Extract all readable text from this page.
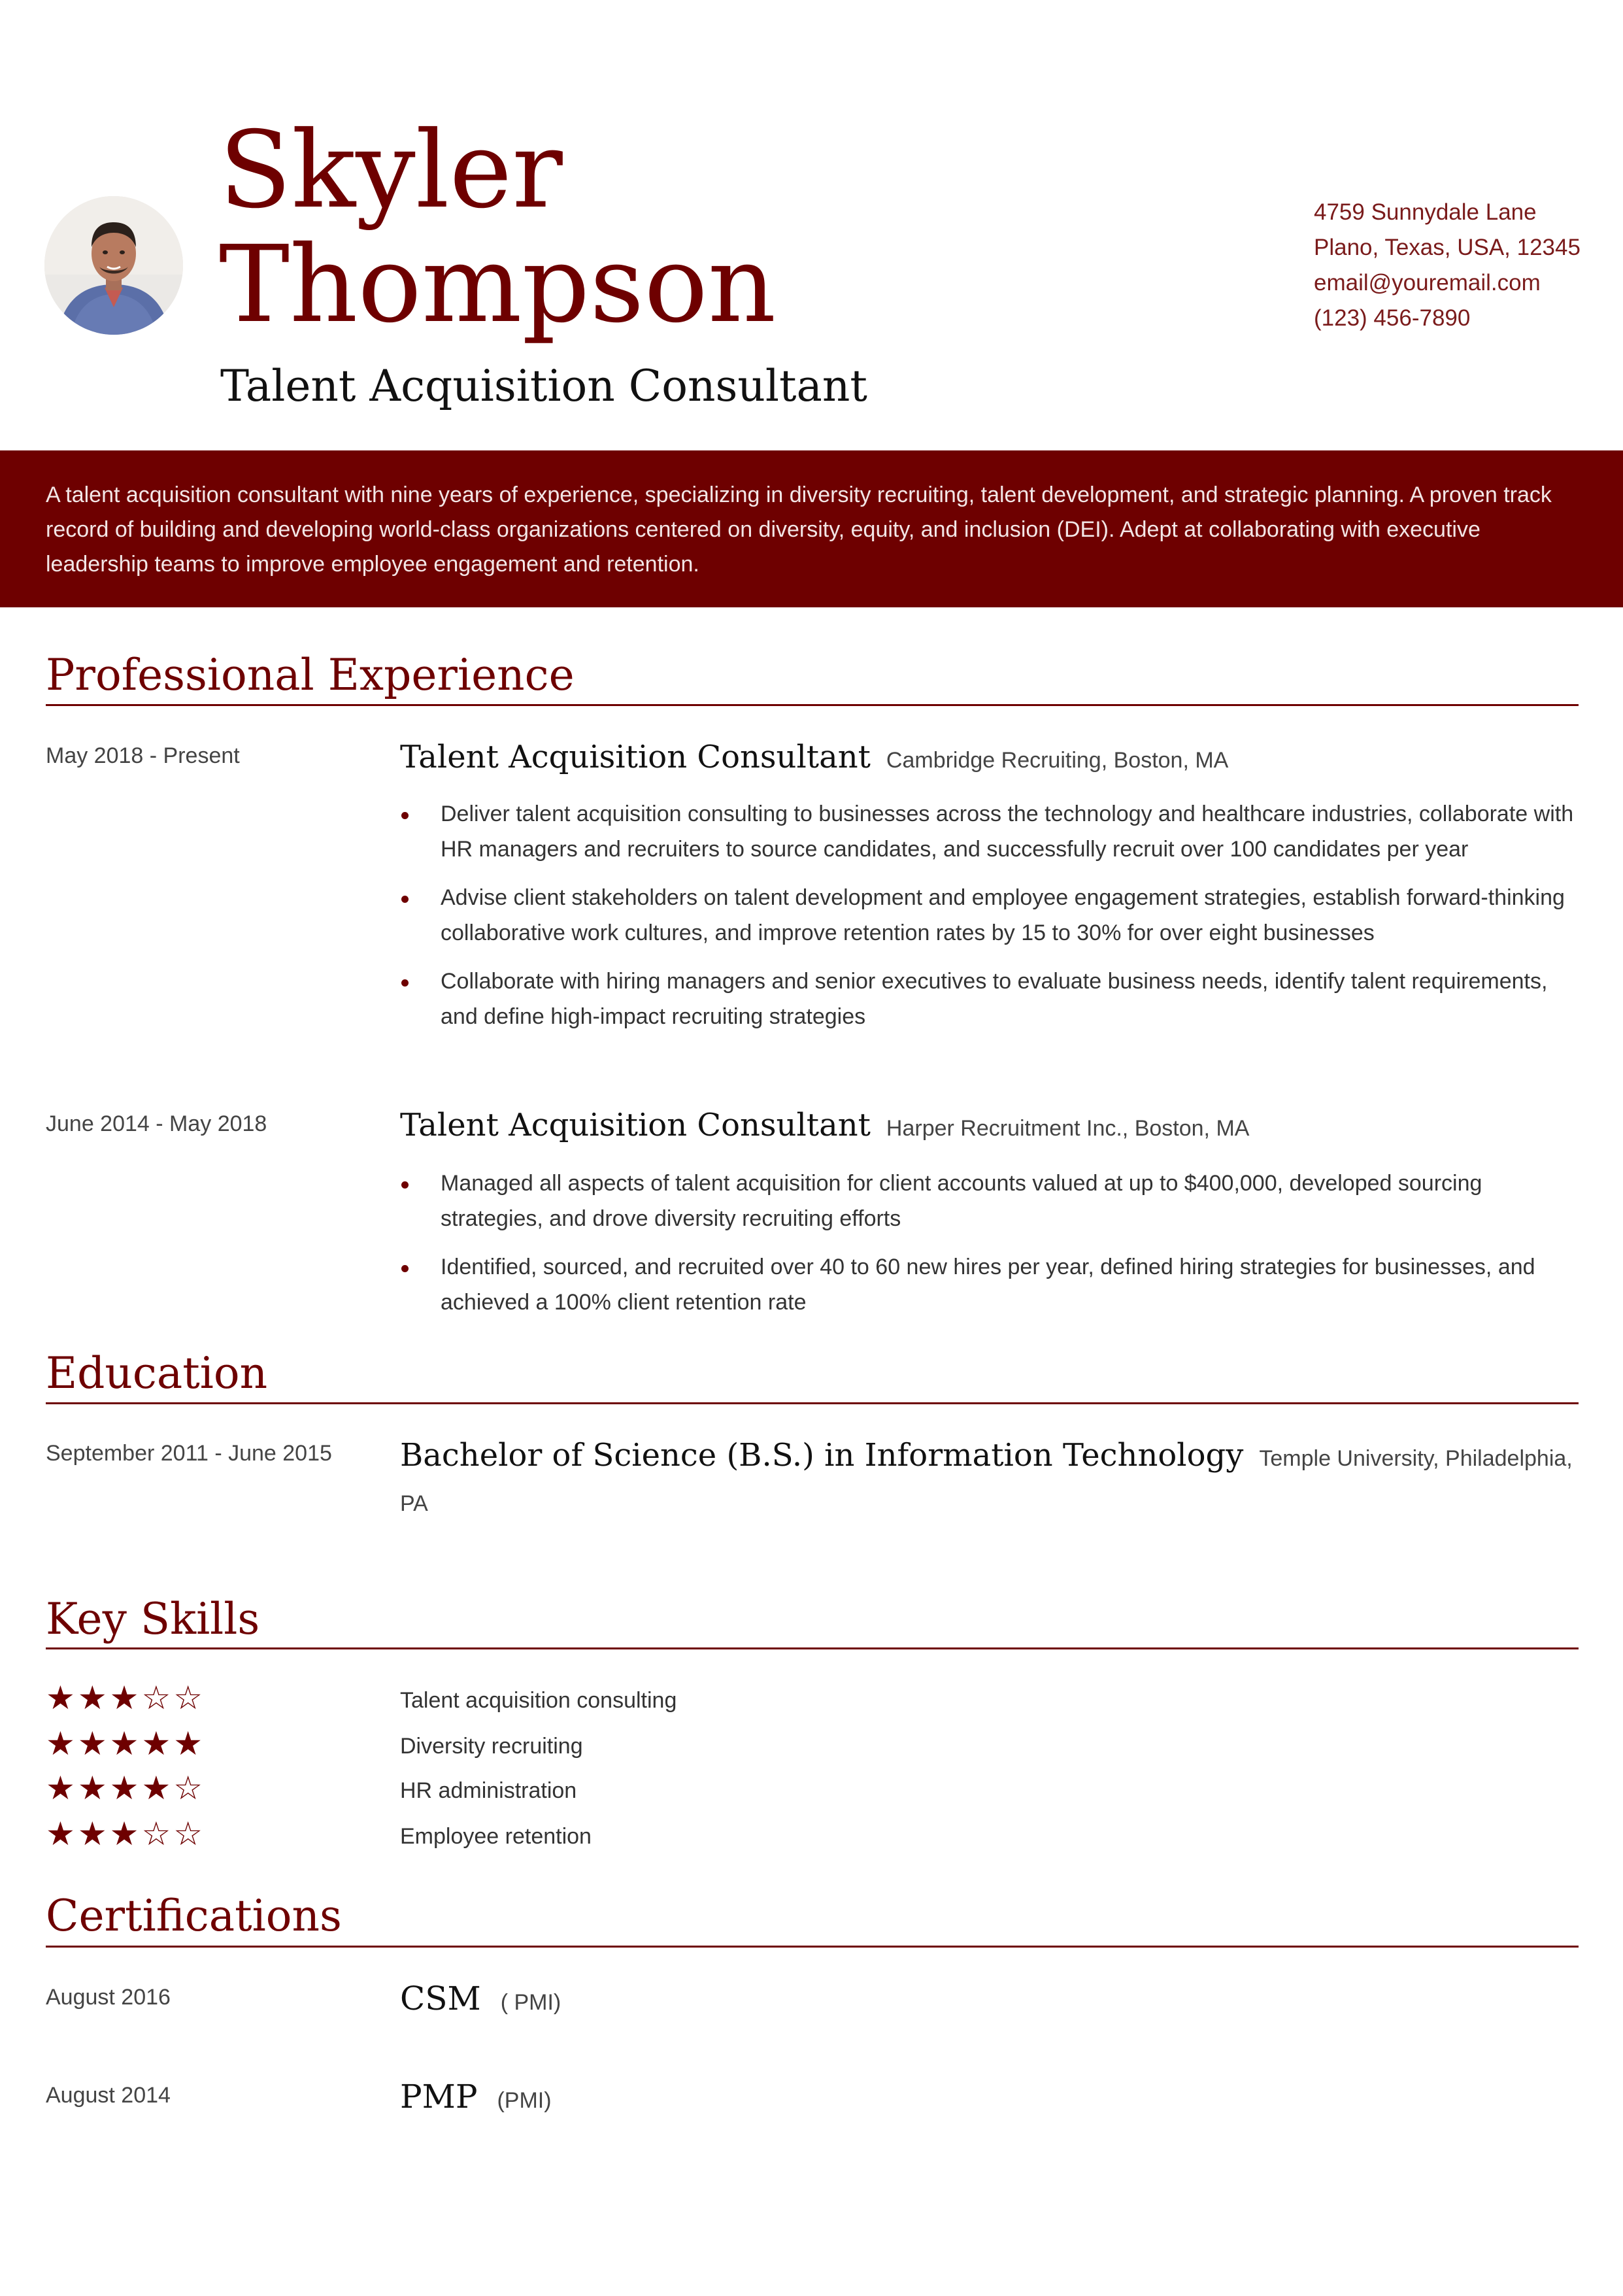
Skyler
Thompson
Talent Acquisition Consultant
4759 Sunnydale Lane
Plano, Texas, USA, 12345
email@youremail.com
(123) 456-7890
A talent acquisition consultant with nine years of experience, specializing in diversity recruiting, talent development, and strategic planning. A proven track record of building and developing world-class organizations centered on diversity, equity, and inclusion (DEI). Adept at collaborating with executive leadership teams to improve employee engagement and retention.
Professional Experience
May 2018 - Present	Talent Acquisition Consultant Cambridge Recruiting, Boston, MA
Deliver talent acquisition consulting to businesses across the technology and healthcare industries, collaborate with HR managers and recruiters to source candidates, and successfully recruit over 100 candidates per year
Advise client stakeholders on talent development and employee engagement strategies, establish forward-thinking collaborative work cultures, and improve retention rates by 15 to 30% for over eight businesses
Collaborate with hiring managers and senior executives to evaluate business needs, identify talent requirements, and define high-impact recruiting strategies
June 2014 - May 2018	Talent Acquisition Consultant Harper Recruitment Inc., Boston, MA
Managed all aspects of talent acquisition for client accounts valued at up to $400,000, developed sourcing strategies, and drove diversity recruiting efforts
Identified, sourced, and recruited over 40 to 60 new hires per year, defined hiring strategies for businesses, and achieved a 100% client retention rate
Education
September 2011 - June 2015 Bachelor of Science (B.S.) in Information Technology Temple University, Philadelphia, PA
Key Skills
★★★☆☆	Talent acquisition consulting
★★★★★	Diversity recruiting
★★★★☆	HR administration
★★★☆☆	Employee retention
Certifications
August 2016	CSM ( PMI)
August 2014	PMP (PMI)
